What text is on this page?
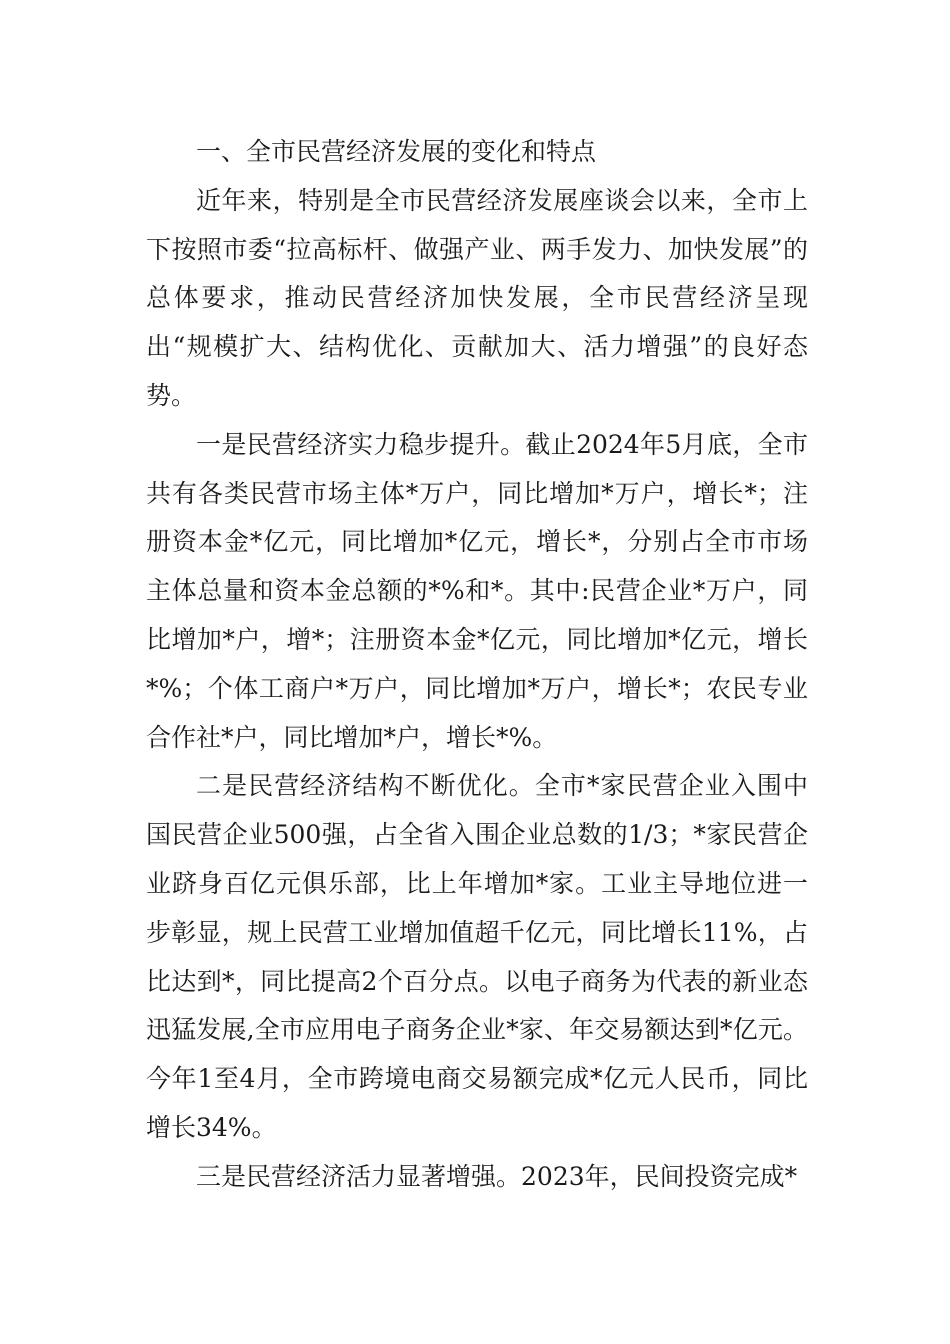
一、全市民营经济发展的变化和特点

近年来，特别是全市民营经济发展座谈会以来，全市上下按照市委“拉高标杆、做强产业、两手发力、加快发展”的总体要求，推动民营经济加快发展，全市民营经济呈现出“规模扩大、结构优化、贡献加大、活力增强”的良好态势。

一是民营经济实力稳步提升。截止2024年5月底，全市共有各类民营市场主体*万户，同比增加*万户，增长*；注册资本金*亿元，同比增加*亿元，增长*，分别占全市市场主体总量和资本金总额的*%和*。其中:民营企业*万户，同比增加*户，增*；注册资本金*亿元，同比增加*亿元，增长*%；个体工商户*万户，同比增加*万户，增长*；农民专业合作社*户，同比增加*户，增长*%。

二是民营经济结构不断优化。全市*家民营企业入围中国民营企业500强，占全省入围企业总数的1/3；*家民营企业跻身百亿元俱乐部，比上年增加*家。工业主导地位进一步彰显，规上民营工业增加值超千亿元，同比增长11%，占比达到*，同比提高2个百分点。以电子商务为代表的新业态迅猛发展,全市应用电子商务企业*家、年交易额达到*亿元。今年1至4月，全市跨境电商交易额完成*亿元人民币，同比增长34%。

三是民营经济活力显著增强。2023年，民间投资完成*
